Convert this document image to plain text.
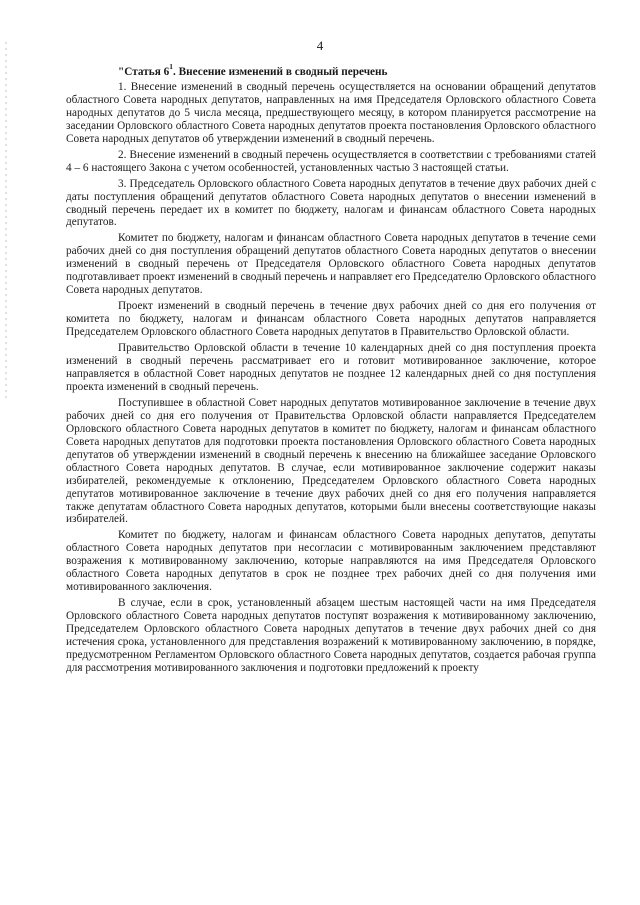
4

"Статья $6^1$. Внесение изменений в сводный перечень

1. Внесение изменений в сводный перечень осуществляется на основании обращений депутатов областного Совета народных депутатов, направленных на имя Председателя Орловского областного Совета народных депутатов до 5 числа месяца, предшествующего месяцу, в котором планируется рассмотрение на заседании Орловского областного Совета народных депутатов проекта постановления Орловского областного Совета народных депутатов об утверждении изменений в сводный перечень.

2. Внесение изменений в сводный перечень осуществляется в соответствии с требованиями статей 4 – 6 настоящего Закона с учетом особенностей, установленных частью 3 настоящей статьи.

3. Председатель Орловского областного Совета народных депутатов в течение двух рабочих дней с даты поступления обращений депутатов областного Совета народных депутатов о внесении изменений в сводный перечень передает их в комитет по бюджету, налогам и финансам областного Совета народных депутатов.

Комитет по бюджету, налогам и финансам областного Совета народных депутатов в течение семи рабочих дней со дня поступления обращений депутатов областного Совета народных депутатов о внесении изменений в сводный перечень от Председателя Орловского областного Совета народных депутатов подготавливает проект изменений в сводный перечень и направляет его Председателю Орловского областного Совета народных депутатов.

Проект изменений в сводный перечень в течение двух рабочих дней со дня его получения от комитета по бюджету, налогам и финансам областного Совета народных депутатов направляется Председателем Орловского областного Совета народных депутатов в Правительство Орловской области.

Правительство Орловской области в течение 10 календарных дней со дня поступления проекта изменений в сводный перечень рассматривает его и готовит мотивированное заключение, которое направляется в областной Совет народных депутатов не позднее 12 календарных дней со дня поступления проекта изменений в сводный перечень.

Поступившее в областной Совет народных депутатов мотивированное заключение в течение двух рабочих дней со дня его получения от Правительства Орловской области направляется Председателем Орловского областного Совета народных депутатов в комитет по бюджету, налогам и финансам областного Совета народных депутатов для подготовки проекта постановления Орловского областного Совета народных депутатов об утверждении изменений в сводный перечень к внесению на ближайшее заседание Орловского областного Совета народных депутатов. В случае, если мотивированное заключение содержит наказы избирателей, рекомендуемые к отклонению, Председателем Орловского областного Совета народных депутатов мотивированное заключение в течение двух рабочих дней со дня его получения направляется также депутатам областного Совета народных депутатов, которыми были внесены соответствующие наказы избирателей.

Комитет по бюджету, налогам и финансам областного Совета народных депутатов, депутаты областного Совета народных депутатов при несогласии с мотивированным заключением представляют возражения к мотивированному заключению, которые направляются на имя Председателя Орловского областного Совета народных депутатов в срок не позднее трех рабочих дней со дня получения ими мотивированного заключения.

В случае, если в срок, установленный абзацем шестым настоящей части на имя Председателя Орловского областного Совета народных депутатов поступят возражения к мотивированному заключению, Председателем Орловского областного Совета народных депутатов в течение двух рабочих дней со дня истечения срока, установленного для представления возражений к мотивированному заключению, в порядке, предусмотренном Регламентом Орловского областного Совета народных депутатов, создается рабочая группа для рассмотрения мотивированного заключения и подготовки предложений к проекту
